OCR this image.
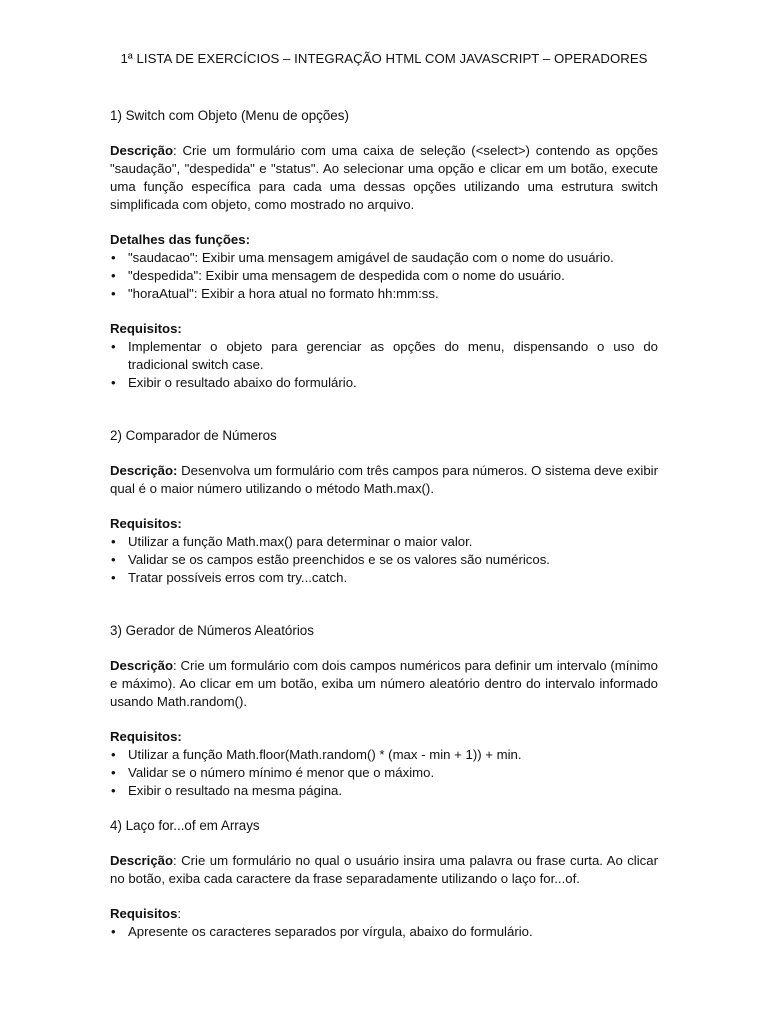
1ª LISTA DE EXERCÍCIOS – INTEGRAÇÃO HTML COM JAVASCRIPT – OPERADORES
1) Switch com Objeto (Menu de opções)
Descrição: Crie um formulário com uma caixa de seleção (<select>) contendo as opções "saudação", "despedida" e "status". Ao selecionar uma opção e clicar em um botão, execute uma função específica para cada uma dessas opções utilizando uma estrutura switch simplificada com objeto, como mostrado no arquivo.
Detalhes das funções:
• "saudacao": Exibir uma mensagem amigável de saudação com o nome do usuário.
• "despedida": Exibir uma mensagem de despedida com o nome do usuário.
• "horaAtual": Exibir a hora atual no formato hh:mm:ss.
Requisitos:
• Implementar o objeto para gerenciar as opções do menu, dispensando o uso do tradicional switch case.
• Exibir o resultado abaixo do formulário.
2) Comparador de Números
Descrição: Desenvolva um formulário com três campos para números. O sistema deve exibir qual é o maior número utilizando o método Math.max().
Requisitos:
• Utilizar a função Math.max() para determinar o maior valor.
• Validar se os campos estão preenchidos e se os valores são numéricos.
• Tratar possíveis erros com try...catch.
3) Gerador de Números Aleatórios
Descrição: Crie um formulário com dois campos numéricos para definir um intervalo (mínimo e máximo). Ao clicar em um botão, exiba um número aleatório dentro do intervalo informado usando Math.random().
Requisitos:
• Utilizar a função Math.floor(Math.random() * (max - min + 1)) + min.
• Validar se o número mínimo é menor que o máximo.
• Exibir o resultado na mesma página.
4) Laço for...of em Arrays
Descrição: Crie um formulário no qual o usuário insira uma palavra ou frase curta. Ao clicar no botão, exiba cada caractere da frase separadamente utilizando o laço for...of.
Requisitos:
• Apresente os caracteres separados por vírgula, abaixo do formulário.
